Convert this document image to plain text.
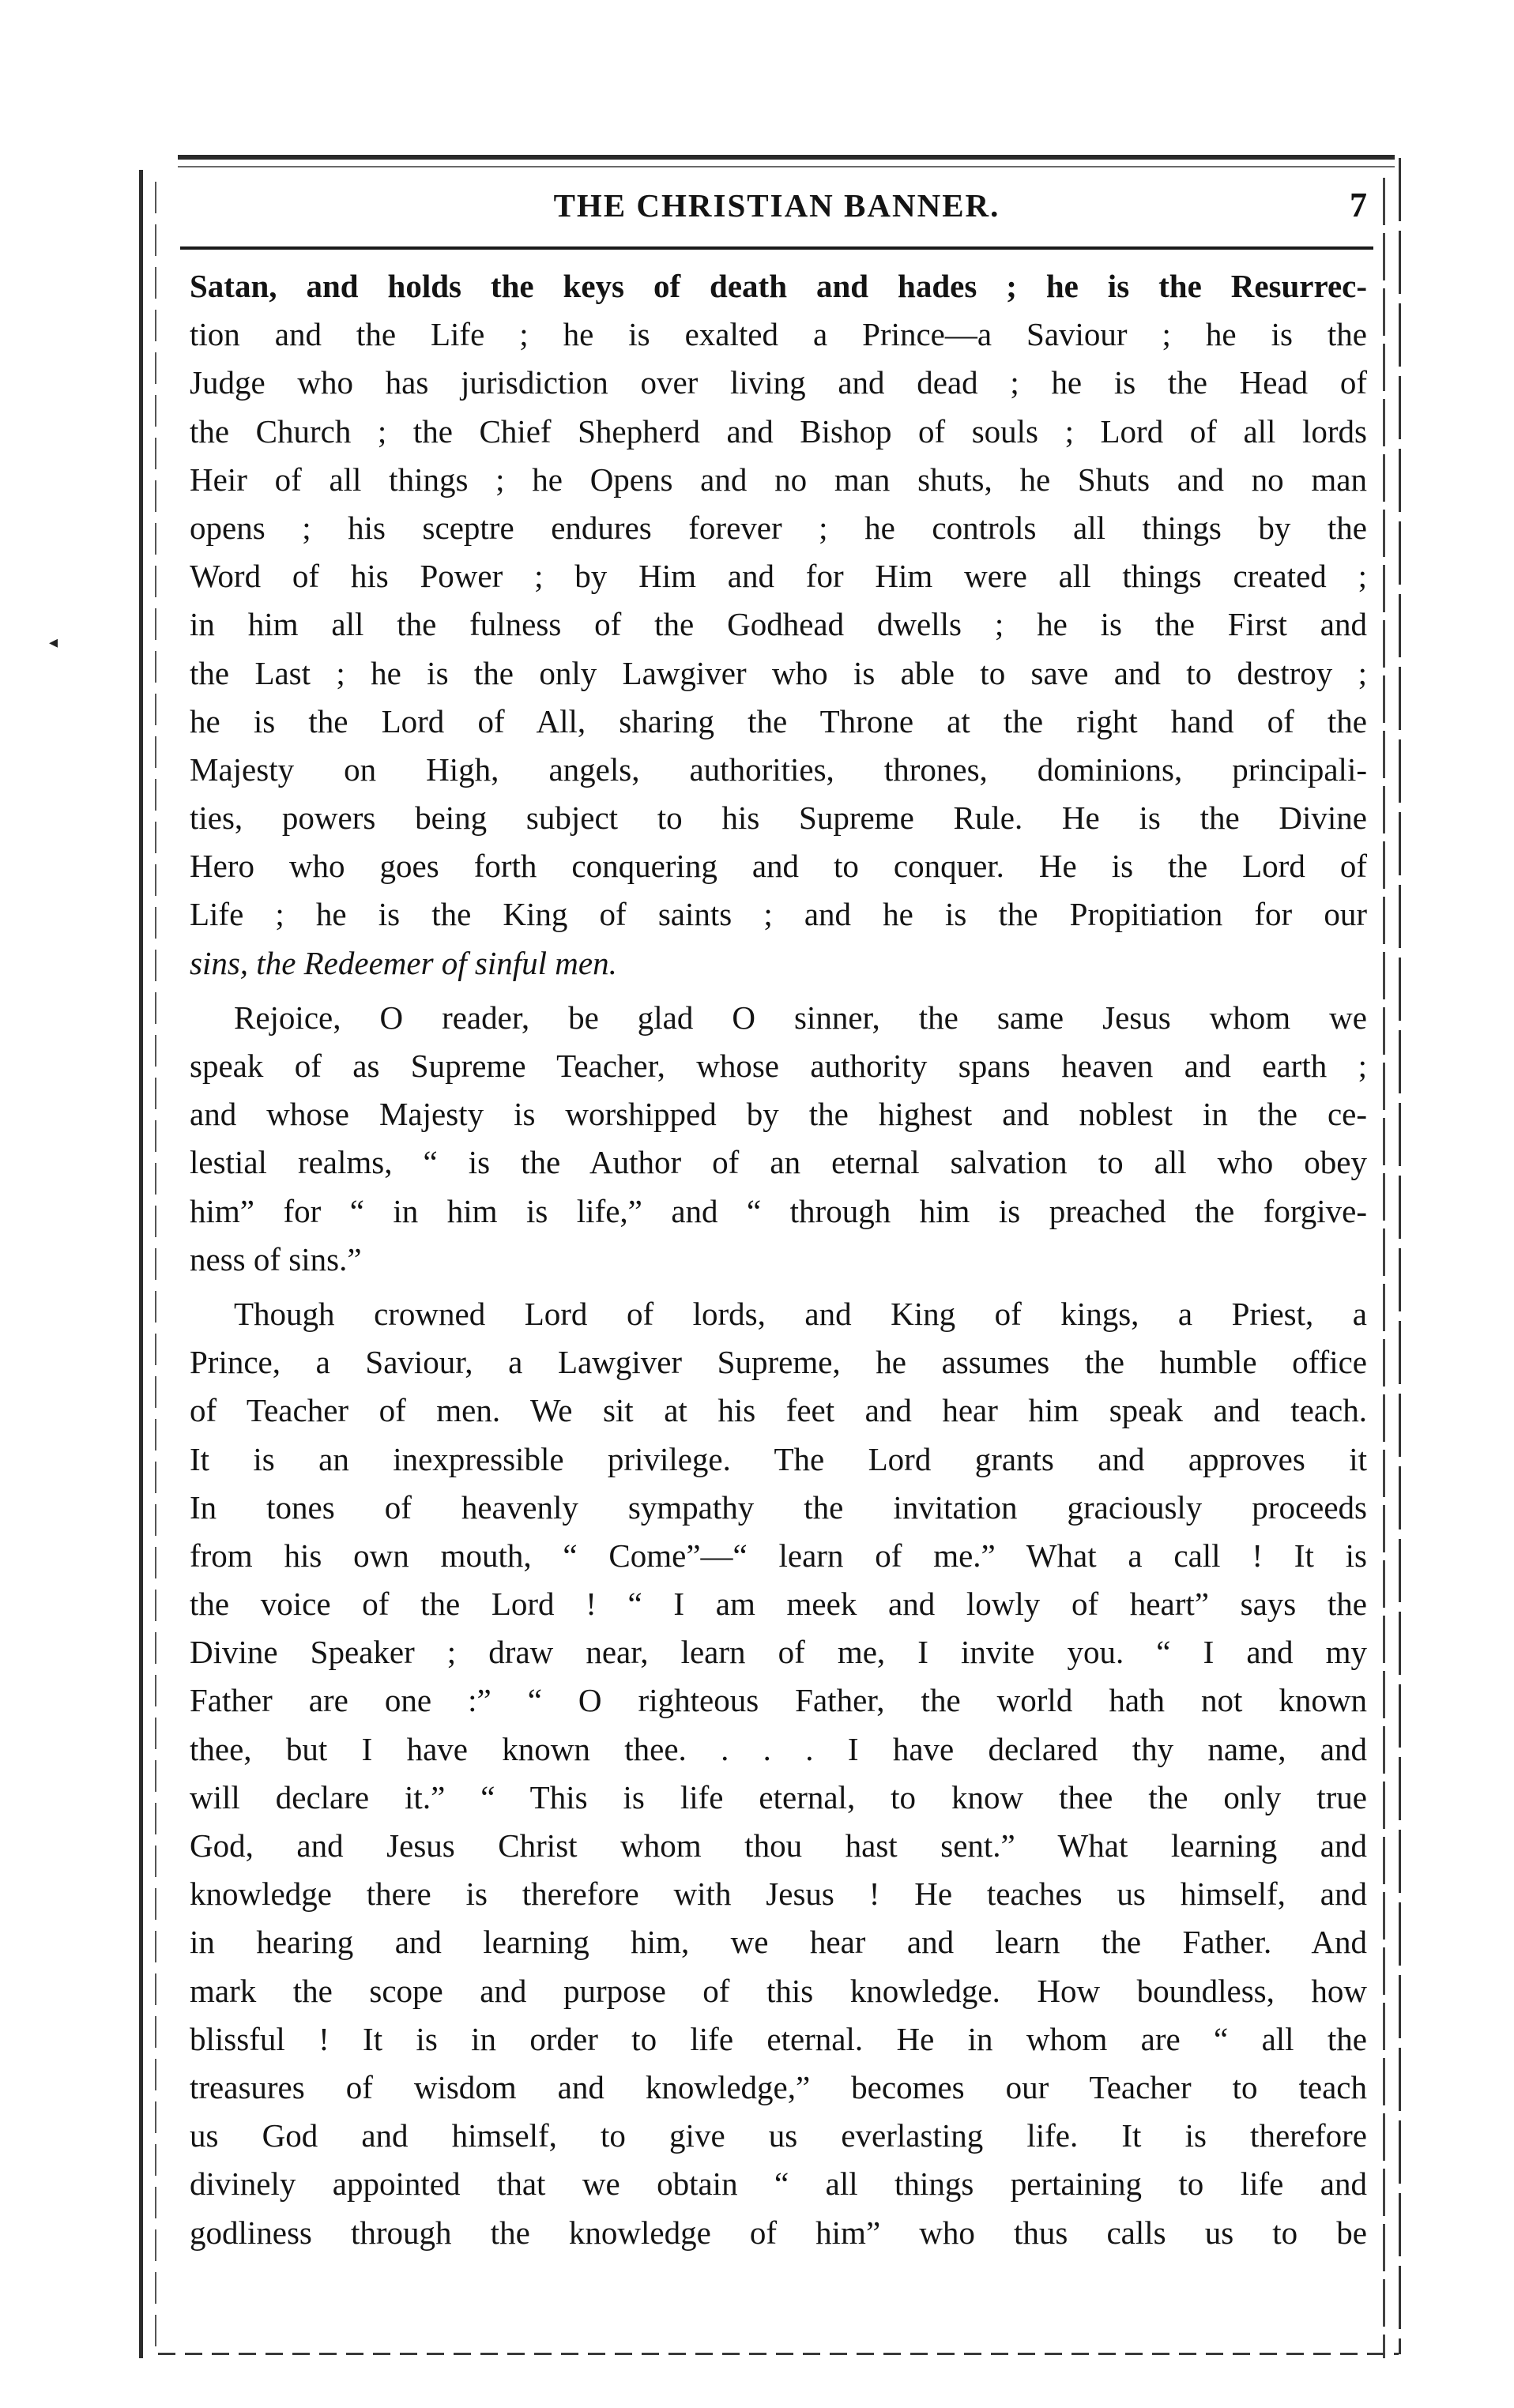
◂
THE CHRISTIAN BANNER.	7
Satan, and holds the keys of death and hades ; he is the Resurrec-
tion and the Life ; he is exalted a Prince—a Saviour ; he is the
Judge who has jurisdiction over living and dead ; he is the Head of
the Church ; the Chief Shepherd and Bishop of souls ; Lord of all lords
Heir of all things ; he Opens and no man shuts, he Shuts and no man
opens ; his sceptre endures forever ; he controls all things by the
Word of his Power ; by Him and for Him were all things created ;
in him all the fulness of the Godhead dwells ; he is the First and
the Last ; he is the only Lawgiver who is able to save and to destroy ;
he is the Lord of All, sharing the Throne at the right hand of the
Majesty on High, angels, authorities, thrones, dominions, principali-
ties, powers being subject to his Supreme Rule. He is the Divine
Hero who goes forth conquering and to conquer. He is the Lord of
Life ; he is the King of saints ; and he is the Propitiation for our
sins, the Redeemer of sinful men.
Rejoice, O reader, be glad O sinner, the same Jesus whom we
speak of as Supreme Teacher, whose authority spans heaven and earth ;
and whose Majesty is worshipped by the highest and noblest in the ce-
lestial realms, “ is the Author of an eternal salvation to all who obey
him” for “ in him is life,” and “ through him is preached the forgive-
ness of sins.”
Though crowned Lord of lords, and King of kings, a Priest, a
Prince, a Saviour, a Lawgiver Supreme, he assumes the humble office
of Teacher of men. We sit at his feet and hear him speak and teach.
It is an inexpressible privilege. The Lord grants and approves it
In tones of heavenly sympathy the invitation graciously proceeds
from his own mouth, “ Come”—“ learn of me.” What a call ! It is
the voice of the Lord ! “ I am meek and lowly of heart” says the
Divine Speaker ; draw near, learn of me, I invite you. “ I and my
Father are one :” “ O righteous Father, the world hath not known
thee, but I have known thee. . . . I have declared thy name, and
will declare it.” “ This is life eternal, to know thee the only true
God, and Jesus Christ whom thou hast sent.” What learning and
knowledge there is therefore with Jesus ! He teaches us himself, and
in hearing and learning him, we hear and learn the Father. And
mark the scope and purpose of this knowledge. How boundless, how
blissful ! It is in order to life eternal. He in whom are “ all the
treasures of wisdom and knowledge,” becomes our Teacher to teach
us God and himself, to give us everlasting life. It is therefore
divinely appointed that we obtain “ all things pertaining to life and
godliness through the knowledge of him” who thus calls us to be
